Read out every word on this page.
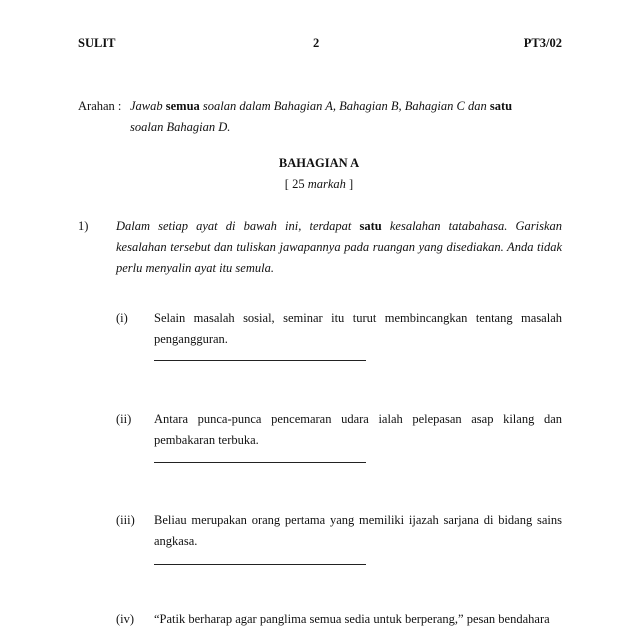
SULIT	2	PT3/02
Arahan : Jawab semua soalan dalam Bahagian A, Bahagian B, Bahagian C dan satu
soalan Bahagian D.
BAHAGIAN A
[ 25 markah ]
1) Dalam setiap ayat di bawah ini, terdapat satu kesalahan tatabahasa. Gariskan kesalahan tersebut dan tuliskan jawapannya pada ruangan yang disediakan. Anda tidak perlu menyalin ayat itu semula.
(i) Selain masalah sosial, seminar itu turut membincangkan tentang masalah pengangguran.
(ii) Antara punca-punca pencemaran udara ialah pelepasan asap kilang dan pembakaran terbuka.
(iii) Beliau merupakan orang pertama yang memiliki ijazah sarjana di bidang sains angkasa.
(iv) “Patik berharap agar panglima semua sedia untuk berperang,” pesan bendahara
